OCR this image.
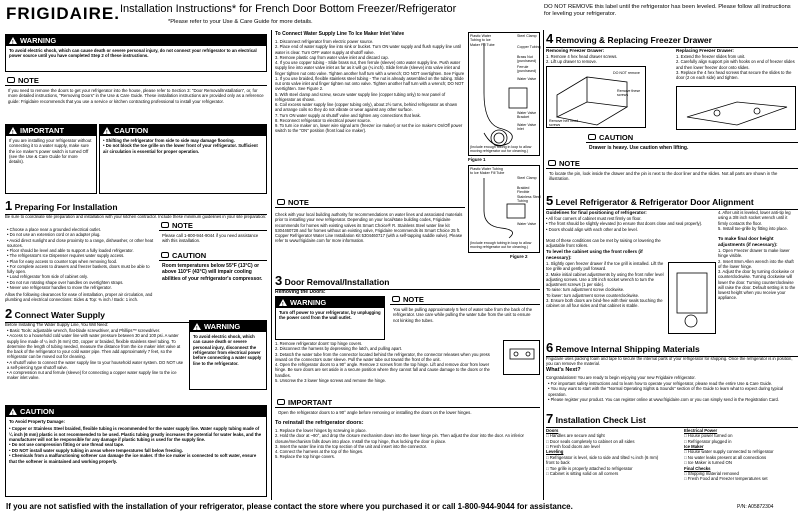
FRIGIDAIRE. Installation Instructions* for French Door Bottom Freezer/Refrigerator
*Please refer to your Use & Care Guide for more details.
DO NOT REMOVE this label until the refrigerator has been leveled. Please follow all instructions for leveling your refrigerator.
!
WARNING
To avoid electric shock, which can cause death or severe personal injury, do not connect your refrigerator to an electrical power source until you have completed Step 2 of these instructions.
NOTE
If you need to remove the doors to get your refrigerator into the house, please refer to Section 3: "Door Removal/Installation", or, for more detailed instructions, "Removing Doors" in the Use & Care Guide. These installation instructions are provided only as a reference guide: Frigidaire recommends that you use a service or kitchen contracting professional to install your refrigerator.
!
IMPORTANT
If you are installing your refrigerator without connecting it to a water supply, make sure the ice maker's power switch is turned Off (see the Use & Care Guide for more details).
!
CAUTION
• Shifting the refrigerator from side to side may damage flooring.
• Do not block the toe grille on the lower front of your refrigerator. Sufficient air circulation is essential for proper operation.
1 Preparing For Installation
Be sure to coordinate site preparation and installation with your kitchen contractor. Include these minimum guidelines in your site preparation:
• Choose a place near a grounded electrical outlet.
• Do not use an extension cord or an adapter plug.
• Avoid direct sunlight and close proximity to a range, dishwasher, or other heat sources.
• Floor should be level and able to support a fully loaded refrigerator.
• The refrigerator's Ice Dispenser requires water supply access.
• Plan for easy access to counter tops when removing food.
• For complete access to drawers and freezer baskets, doors must be able to fully open.
• Load refrigerator from side of cabinet only.
• Do not run rotating shape over handles on overtighten straps.
• Never use refrigerator handles to move the refrigerator.
Allow the following clearances for ease of installation, proper air circulation, and plumbing and electrical connections: Sides & Top: ⅜ inch / Back: 1 inch.
NOTE
Please call 1-800-944-9044 if you need assistance with this installation.
CAUTION
Room temperatures below 55°F (13°C) or above 110°F (43°C) will impair cooling abilities of your refrigerator's compressor.
2 Connect Water Supply
Before Installing The Water Supply Line, You Will Need:
• Basic Tools: adjustable wrench, flat-blade screwdriver, and Phillips™ screwdriver.
• Access to a household cold water line with water pressure between 30 and 100 psi. A water supply line made of ¼ inch (6 mm) OD, copper or braided, flexible stainless steel tubing. To determine the length of tubing needed, measure the distance from the ice maker inlet valve at the back of the refrigerator to your cold water pipe. Then add approximately 7 feet, so the refrigerator can be moved out for cleaning.
• A shutoff valve to connect the water supply line to your household water system. DO NOT use a self-piercing type shutoff valve.
• A compression nut and ferrule (sleeve) for connecting a copper water supply line to the ice maker inlet valve.
!
WARNING
To avoid electric shock, which can cause death or severe personal injury, disconnect the refrigerator from electrical power before connecting a water supply line to the refrigerator.
!
CAUTION
To Avoid Property Damage:
• Copper or Stainless Steel braided, flexible tubing is recommended for the water supply line. Water supply tubing made of ¼ inch (6 mm) plastic is not recommended to be used. Plastic tubing greatly increases the potential for water leaks, and the manufacturer will not be responsible for any damage if plastic tubing is used for the supply line.
• Do not use compression fitting or use thread seal tape.
• DO NOT install water supply tubing in areas where temperatures fall below freezing.
• Chemicals from a malfunctioning softener can damage the ice maker. If the ice maker is connected to soft water, ensure that the softener is maintained and working properly.
To Connect Water Supply Line To Ice Maker Inlet Valve
1. Disconnect refrigerator from electric power source.
2. Place end of water supply line into sink or bucket. Turn ON water supply and flush supply line until water is clear. Turn OFF water supply at shutoff valve.
3. Remove plastic cap from water valve inlet and discard cap.
4. If you use copper tubing - Slide brass nut, then ferrule (sleeve) onto water supply line. Push water supply line into water valve inlet as far as it will go (¼ inch). Slide ferrule (sleeve) into valve inlet and finger tighten nut onto valve. Tighten another half turn with a wrench; DO NOT overtighten. See Figure 1. If you use braided, flexible stainless steel tubing - The nut is already assembled on the tubing. Slide nut onto valve inlet and finger tighten nut onto valve. Tighten another half turn with a wrench; DO NOT overtighten. See Figure 2.
5. With steel clamp and screw, secure water supply line (copper tubing only) to rear panel of refrigerator as shown.
6. Coil excess water supply line (copper tubing only), about 2½ turns, behind refrigerator as shown and arrange coils so they do not vibrate or wear against any other surface.
7. Turn ON water supply at shutoff valve and tighten any connections that leak.
8. Reconnect refrigerator to electrical power source.
9. To turn ice maker on, lower wire signal arm (freezer ice maker) or set the ice maker's On/Off power switch to the "ON" position (front load ice maker).
Plastic Water Tubing to Ice Maker Fill Tube
Steel Clamp
Copper Tubing
Brass Nut (purchased)
Ferrule (purchased)
Water Valve
Water Valve Bracket
Water Valve Inlet
(Include enough tubing in loop to allow moving refrigerator out for cleaning.)
Figure 1
Plastic Water Tubing to Ice Maker Fill Tube
Steel Clamp
Braided Flexible Stainless Steel Tubing
Water Valve
(Include enough tubing in loop to allow moving refrigerator out for cleaning.)
Figure 2
NOTE
Check with your local building authority for recommendations on water lines and associated materials prior to installing your new refrigerator. Depending on your local/state building codes, Frigidaire recommends for homes with existing valves its Smart Choice® R. Stainless Steel water line kit 5304460728 and for homes without an existing valve, Frigidaire recommends its Smart Choice 25 ft. Copper Refrigerator Water Line Installation Kit 5304460717 (with a self-tapping saddle valve). Please refer to www.frigidaire.com for more information.
3 Door Removal/Installation
Removing the Doors:
!
WARNING
Turn off power to your refrigerator, by unplugging the power cord from the wall outlet.
NOTE
You will be pulling approximately 5 feet of water tube from the back of the refrigerator. Use care while pulling the water tube from the unit to ensure not kinking the tubes.
1. Remove refrigerator doors' top hinge covers.
2. Disconnect the harness by depressing the latch, and pulling apart.
3. Detatch the water tube from the connector located behind the refrigerator, the connector releases when you press inward on the connectors outer sleeve. Pull the water tube out toward the front of the unit.
4. Open the refrigerator doors to a 90° angle. Remove 2 screws from the top hinge. Lift and remove door from lower hinge. Be sure doors are set aside in a secure position where they cannot fall and cause damage to the doors or the handles.
5. Unscrew the 3 lower hinge screws and remove the hinge.
IMPORTANT
Open the refrigerator doors to a 90° angle before removing or installing the doors on the lower hinges.
To reinstall the refrigerator doors:
1. Replace the lower hinges by screwing in place.
2. Hold the door at ~90°, and drop the closure mechanism down into the lower hinge pin. Then adjust the door into the door. An inferior closure/mechanism falls down into place. Install the top hinge, thus locking the door in place.
3. Insert the water line into the top section of the unit and insert into the connector.
4. Connect the harness at the top of the hinges.
5. Replace the top hinge covers.
4 Removing & Replacing Freezer Drawer
Removing Freezer Drawer:
1. Remove 4 hex head drawer screws.
2. Lift up drawer to remove.
DO NOT remove
Remove these screws
Remove hex head screws
Replacing Freezer Drawer:
1. Extend the freezer slides from unit.
2. Carefully align support pin with hooks on end of freezer slides and then lower freezer door onto slides.
3. Replace the 4 hex head screws that secure the slides to the door (2 on each side) and tighten.
CAUTION
Drawer is heavy. Use caution when lifting.
NOTE
To locate the pin, look inside the drawer and the pin is next to the door liner and the slides. Not all parts are shown in the illustration.
5 Level Refrigerator & Refrigerator Door Alignment
Guidelines for final positioning of refrigerator:
• All four corners of cabinet must rest firmly on floor.
• The front should be slightly elevated (to ensure that doors close and seal properly).
• Doors should align with each other and be level.
Most of these conditions can be met by raising or lowering the adjustable front rollers.
To level the cabinet using the front rollers (if necessary):
1. Slightly open freezer drawer if the toe grill is installed. Lift the toe grille and gently pull forward.
2. Make initial cabinet adjustments by using the front roller level adjusting screws. Use a 3/8 inch socket wrench to turn the adjustment screws (1 per side).
To raise: turn adjustment screw clockwise.
To lower: turn adjustment screw counterclockwise.
3. Ensure both doors are bind-free with their seals touching the cabinet on all four sides and that cabinet is stable.
4. After unit is leveled, lower anti-tip leg using a 3/8 inch socket wrench until it firmly contacts the floor.
5. Install toe-grille by fitting into place.
To make final door height adjustments (if necessary):
1. Open Freezer drawer to make lower hinge visible.
2. Insert 8mm Allen wrench into the shaft of the lower hinge.
3. Adjust the door by turning clockwise or counterclockwise. Turning clockwise will lower the door. Turning counterclockwise will raise the door. Default setting is to the lowest height when you receive your appliance.
6 Remove Internal Shipping Materials
Frigidaire uses packing foam and tape to secure the internal parts of your refrigerator for shipping. Once the refrigerator is in position, you can remove the material.
What's Next?
Congratulations! You are ready to begin enjoying your new Frigidaire refrigerator.
• For important safety instructions and to learn how to operate your refrigerator, please read the entire Use & Care Guide.
• You may want to start with the "Normal Operating Sights & Sounds" section of the Guide to learn what to expect during typical operation.
• Please register your product. You can register online at www.frigidaire.com or you can simply send in the Registration Card.
7 Installation Check List
Doors
□ Handles are secure and tight
□ Door seals completely to cabinet on all sides
□ Fresh food doors are level
Leveling
□ Refrigerator is level, side to side and tilted ¼ inch (6 mm) front to back
□ Toe grille is properly attached to refrigerator
□ Cabinet is sitting solid on all corners
Electrical Power
□ House power turned on
□ Refrigerator plugged in
Ice Maker
□ House water supply connected to refrigerator
□ No water leaks present at all connections
□ Ice Maker is turned ON
Final Checks
□ Shipping material removed
□ Fresh Food and Freezer temperatures set
If you are not satisfied with the installation of your refrigerator, please contact the store where you purchased it or call 1-800-944-9044 for assistance.	P/N: A05872304
